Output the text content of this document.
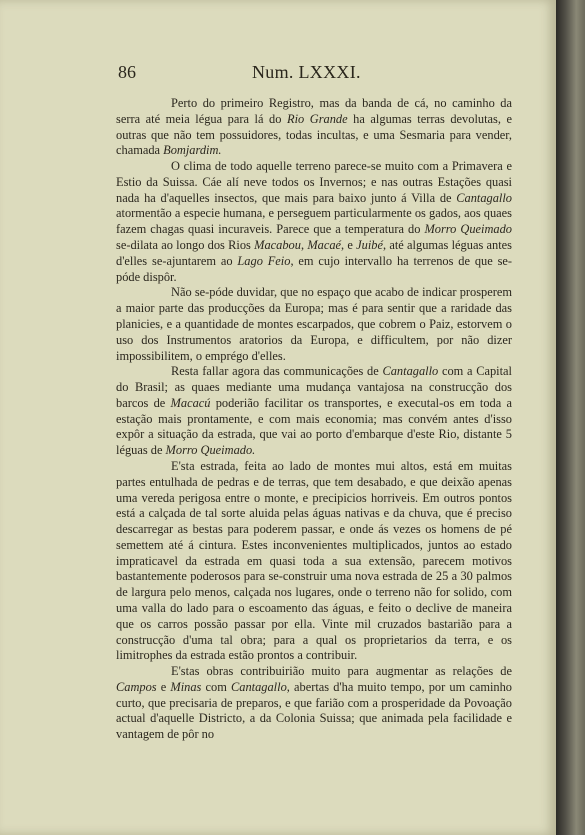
86	Num. LXXXI.

Perto do primeiro Registro, mas da banda de cá, no caminho da serra até meia légua para lá do Rio Grande ha algumas terras devolutas, e outras que não tem possuidores, todas incultas, e uma Sesmaria para vender, chamada Bomjardim.

O clima de todo aquelle terreno parece-se muito com a Primavera e Estio da Suissa. Cáe alí neve todos os Invernos; e nas outras Estações quasi nada ha d'aquelles insectos, que mais para baixo junto á Villa de Cantagallo atormentão a especie humana, e perseguem particularmente os gados, aos quaes fazem chagas quasi incuraveis. Parece que a temperatura do Morro Queimado se-dilata ao longo dos Rios Macabou, Macaé, e Juibé, até algumas léguas antes d'elles se-ajuntarem ao Lago Feio, em cujo intervallo ha terrenos de que se-póde dispôr.

Não se-póde duvidar, que no espaço que acabo de indicar prosperem a maior parte das producções da Europa; mas é para sentir que a raridade das planicies, e a quantidade de montes escarpados, que cobrem o Paiz, estorvem o uso dos Instrumentos aratorios da Europa, e difficultem, por não dizer impossibilitem, o emprégo d'elles.

Resta fallar agora das communicações de Cantagallo com a Capital do Brasil; as quaes mediante uma mudança vantajosa na construcção dos barcos de Macacú poderião facilitar os transportes, e executal-os em toda a estação mais prontamente, e com mais economia; mas convém antes d'isso expôr a situação da estrada, que vai ao porto d'embarque d'este Rio, distante 5 léguas de Morro Queimado.

E'sta estrada, feita ao lado de montes mui altos, está em muitas partes entulhada de pedras e de terras, que tem desabado, e que deixão apenas uma vereda perigosa entre o monte, e precipicios horriveis. Em outros pontos está a calçada de tal sorte aluida pelas águas nativas e da chuva, que é preciso descarregar as bestas para poderem passar, e onde ás vezes os homens de pé semettem até á cintura. Estes inconvenientes multiplicados, juntos ao estado impraticavel da estrada em quasi toda a sua extensão, parecem motivos bastantemente poderosos para se-construir uma nova estrada de 25 a 30 palmos de largura pelo menos, calçada nos lugares, onde o terreno não for solido, com uma valla do lado para o escoamento das águas, e feito o declive de maneira que os carros possão passar por ella. Vinte mil cruzados bastarião para a construcção d'uma tal obra; para a qual os proprietarios da terra, e os limitrophes da estrada estão prontos a contribuir.

E'stas obras contribuirião muito para augmentar as relações de Campos e Minas com Cantagallo, abertas d'ha muito tempo, por um caminho curto, que precisaria de preparos, e que farião com a prosperidade da Povoação actual d'aquelle Districto, a da Colonia Suissa; que animada pela facilidade e vantagem de pôr no
